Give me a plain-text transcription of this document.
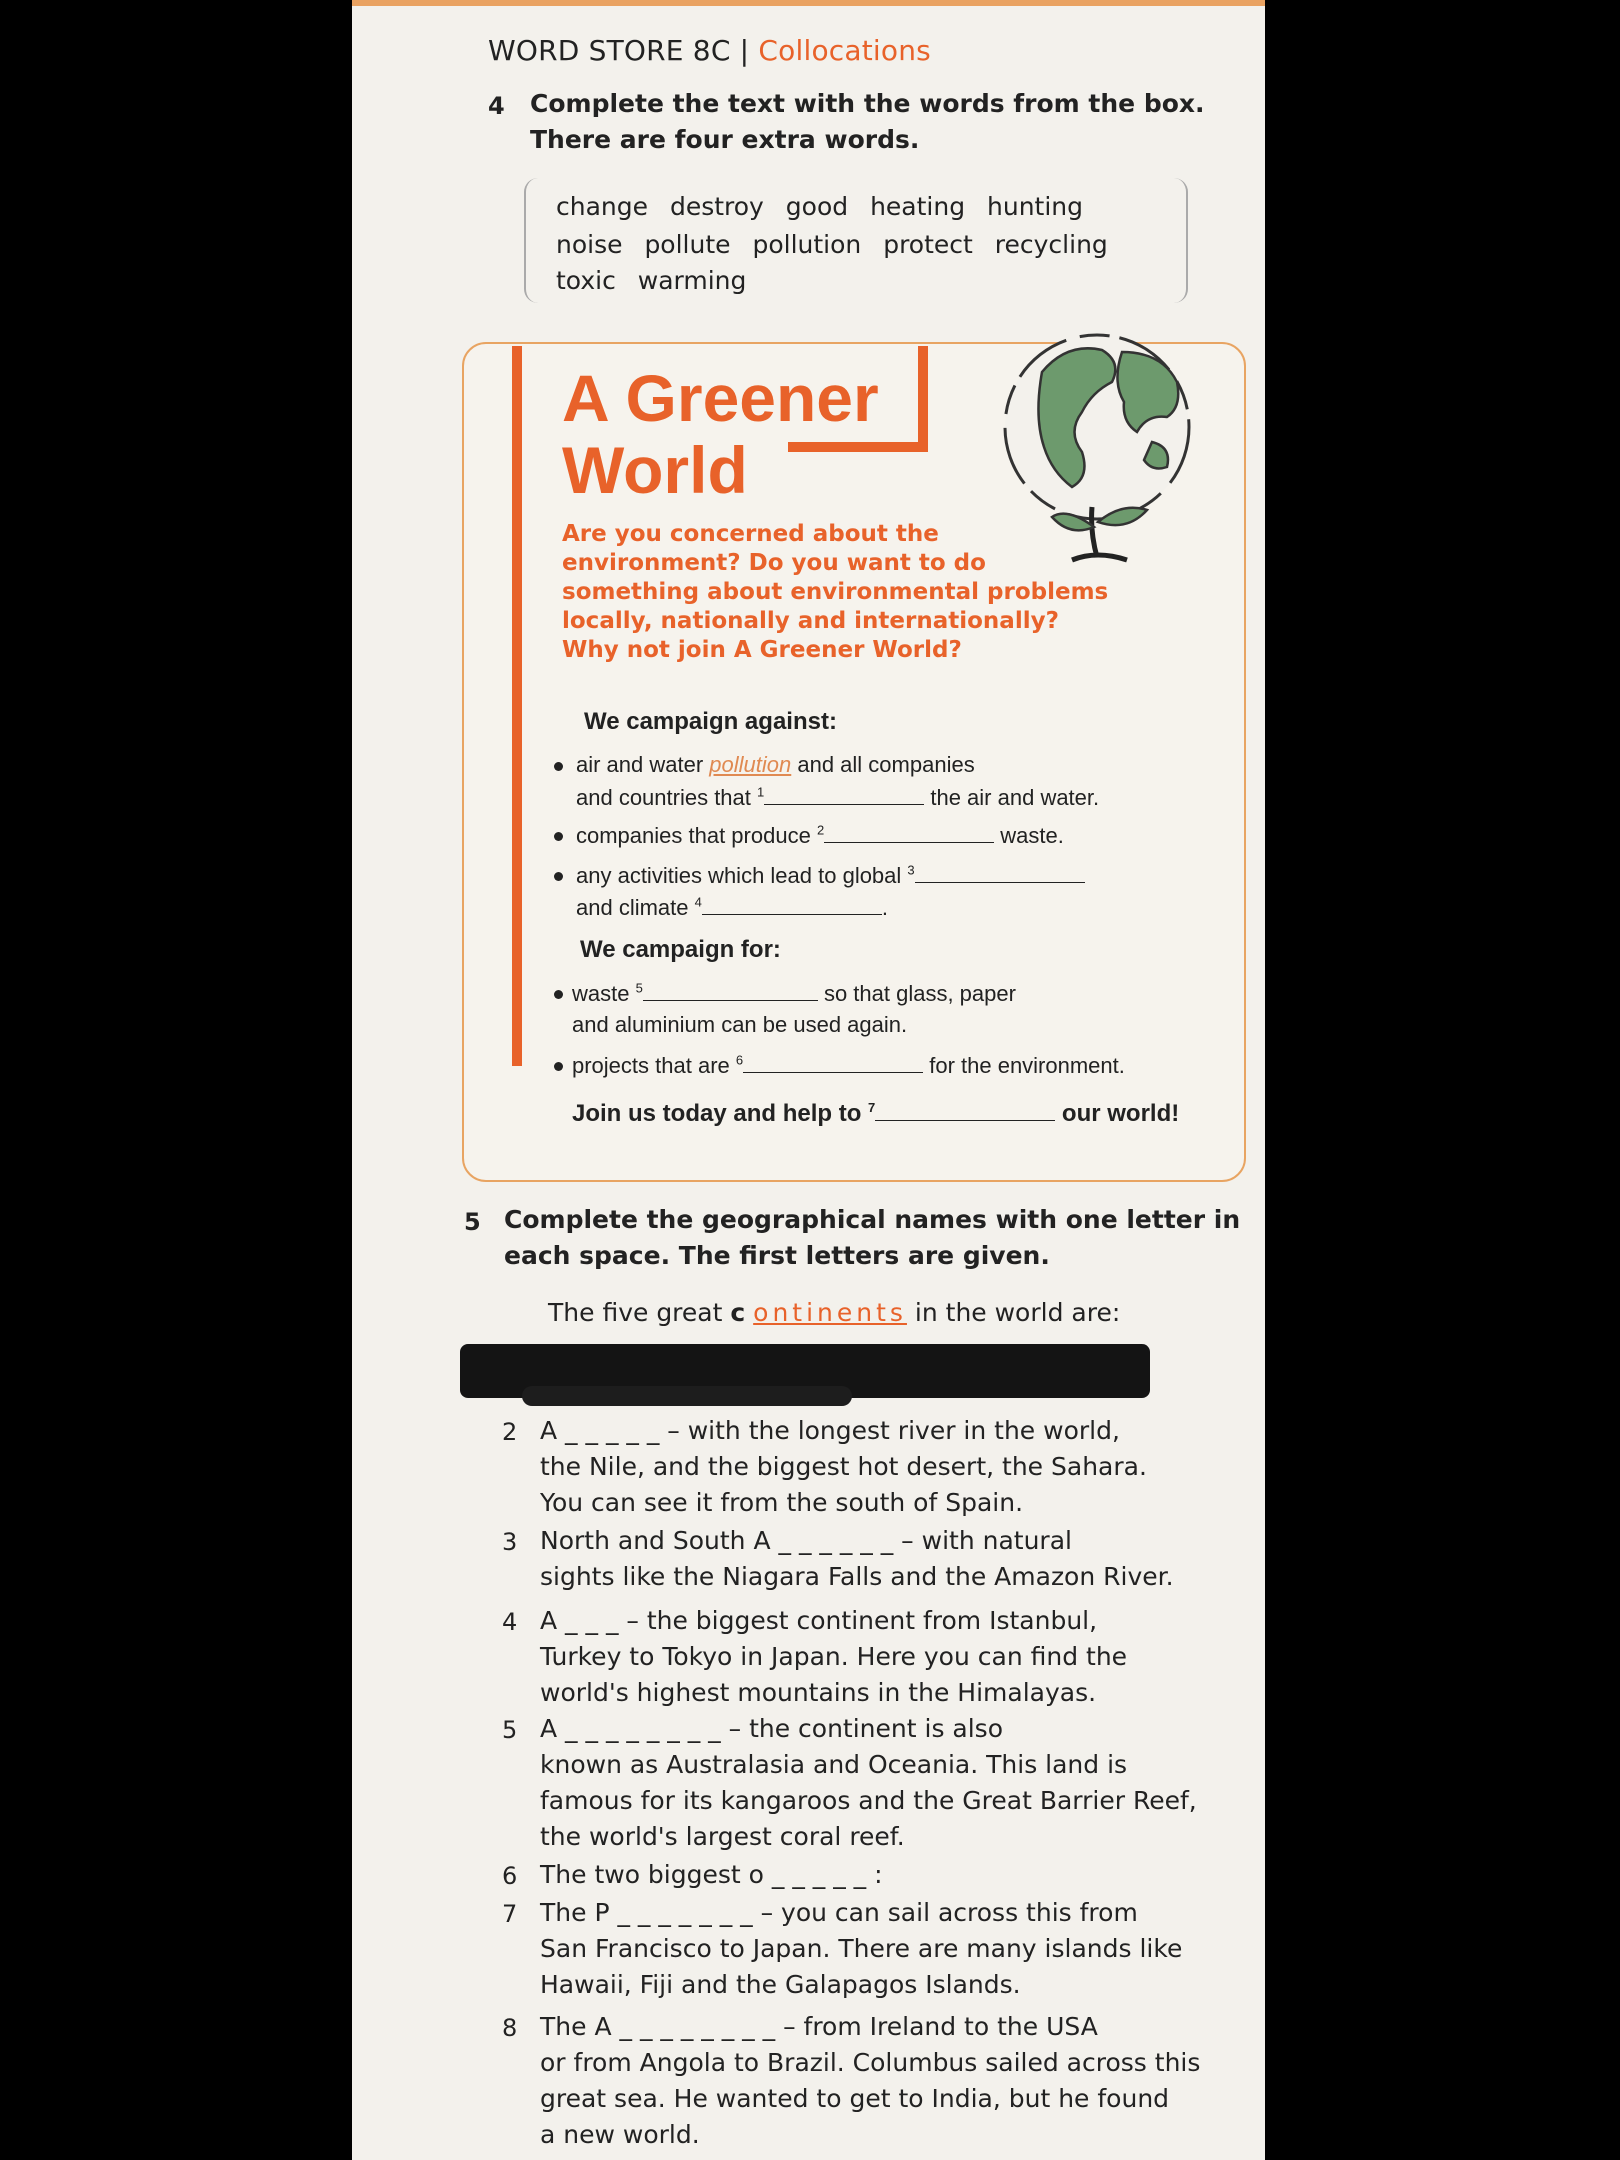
WORD STORE 8C | Collocations
4 Complete the text with the words from the box.
There are four extra words.
change destroy good heating hunting
noise pollute pollution protect recycling
toxic warming
A Greener
World
Are you concerned about the
environment? Do you want to do
something about environmental problems
locally, nationally and internationally?
Why not join A Greener World?
We campaign against:
air and water pollution and all companies
and countries that $^1$	the air and water.
companies that produce $^2$	waste.
any activities which lead to global $^3$
and climate $^4$	.
We campaign for:
waste $^5$	so that glass, paper
and aluminium can be used again.
projects that are $^6$	for the environment.
Join us today and help to $^7$	our world!
5 Complete the geographical names with one letter in
each space. The first letters are given.
The five great c ontinents in the world are:
2 A _ _ _ _ _ – with the longest river in the world,
the Nile, and the biggest hot desert, the Sahara.
You can see it from the south of Spain.
3 North and South A _ _ _ _ _ _ – with natural
sights like the Niagara Falls and the Amazon River.
4 A _ _ _ – the biggest continent from Istanbul,
Turkey to Tokyo in Japan. Here you can find the
world's highest mountains in the Himalayas.
5 A _ _ _ _ _ _ _ _ – the continent is also
known as Australasia and Oceania. This land is
famous for its kangaroos and the Great Barrier Reef,
the world's largest coral reef.
6 The two biggest o _ _ _ _ _ :
7 The P _ _ _ _ _ _ _ – you can sail across this from
San Francisco to Japan. There are many islands like
Hawaii, Fiji and the Galapagos Islands.
8 The A _ _ _ _ _ _ _ _ – from Ireland to the USA
or from Angola to Brazil. Columbus sailed across this
great sea. He wanted to get to India, but he found
a new world.
